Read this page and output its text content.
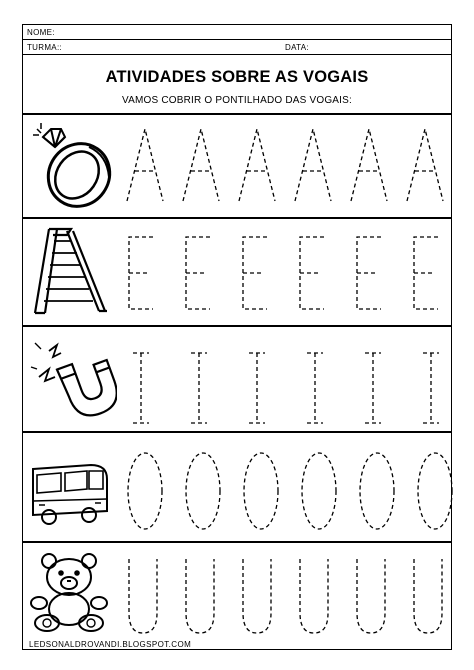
NOME:
TURMA::	DATA:
ATIVIDADES SOBRE AS VOGAIS
VAMOS COBRIR O PONTILHADO DAS VOGAIS:
LEDSONALDROVANDI.BLOGSPOT.COM
